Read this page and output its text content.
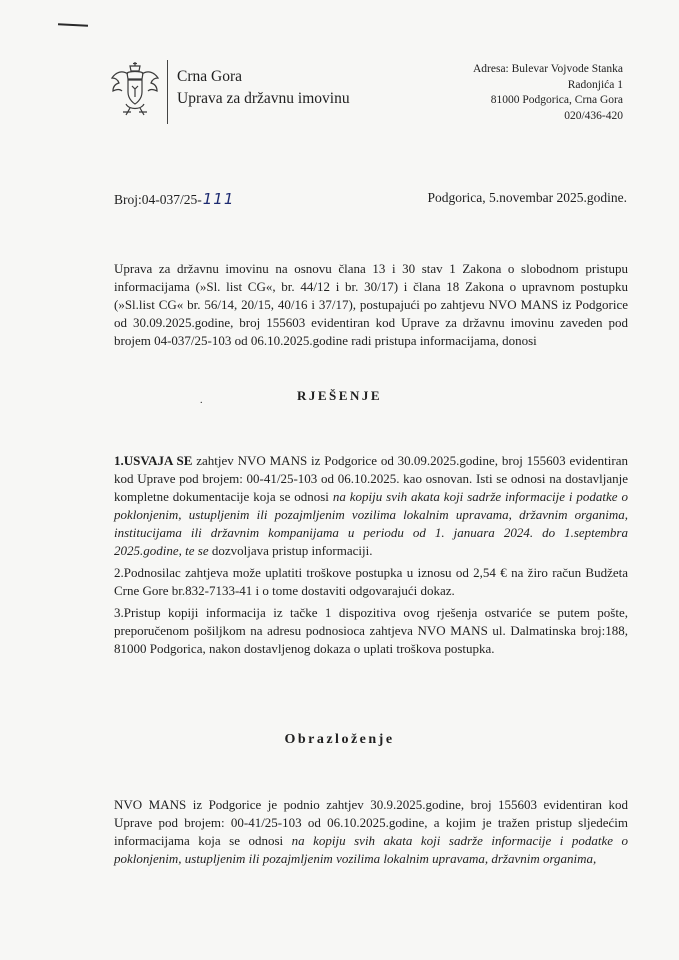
Crna Gora
Uprava za državnu imovinu
Adresa: Bulevar Vojvode Stanka
Radonjića 1
81000 Podgorica, Crna Gora
020/436-420
Broj:04-037/25-111	Podgorica, 5.novembar 2025.godine.
Uprava za državnu imovinu na osnovu člana 13 i 30 stav 1 Zakona o slobodnom pristupu informacijama (»Sl. list CG«, br. 44/12 i br. 30/17) i člana 18 Zakona o upravnom postupku (»Sl.list CG« br. 56/14, 20/15, 40/16 i 37/17), postupajući po zahtjevu NVO MANS iz Podgorice od 30.09.2025.godine, broj 155603 evidentiran kod Uprave za državnu imovinu zaveden pod brojem 04-037/25-103 od 06.10.2025.godine radi pristupa informacijama, donosi
RJEŠENJE
.
1.USVAJA SE zahtjev NVO MANS iz Podgorice od 30.09.2025.godine, broj 155603 evidentiran kod Uprave pod brojem: 00-41/25-103 od 06.10.2025. kao osnovan. Isti se odnosi na dostavljanje kompletne dokumentacije koja se odnosi na kopiju svih akata koji sadrže informacije i podatke o poklonjenim, ustupljenim ili pozajmljenim vozilima lokalnim upravama, državnim organima, institucijama ili državnim kompanijama u periodu od 1. januara 2024. do 1.septembra 2025.godine, te se dozvoljava pristup informaciji.
2.Podnosilac zahtjeva može uplatiti troškove postupka u iznosu od 2,54 € na žiro račun Budžeta Crne Gore br.832-7133-41 i o tome dostaviti odgovarajući dokaz.
3.Pristup kopiji informacija iz tačke 1 dispozitiva ovog rješenja ostvariće se putem pošte, preporučenom pošiljkom na adresu podnosioca zahtjeva NVO MANS ul. Dalmatinska broj:188, 81000 Podgorica, nakon dostavljenog dokaza o uplati troškova postupka.
Obrazloženje
NVO MANS iz Podgorice je podnio zahtjev 30.9.2025.godine, broj 155603 evidentiran kod Uprave pod brojem: 00-41/25-103 od 06.10.2025.godine, a kojim je tražen pristup sljedećim informacijama koja se odnosi na kopiju svih akata koji sadrže informacije i podatke o poklonjenim, ustupljenim ili pozajmljenim vozilima lokalnim upravama, državnim organima,
